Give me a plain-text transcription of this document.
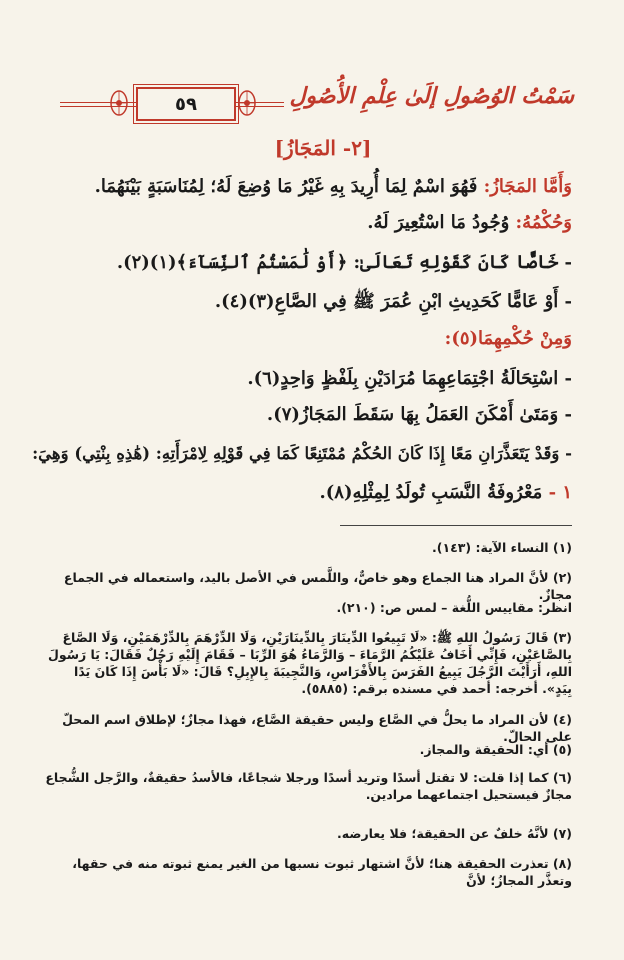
٥٩	سَمْتُ الوُصُولِ إلَىٰ عِلْمِ الأُصُولِ
[٢- المَجَازُ]
وَأَمَّا المَجَازُ: فَهُوَ اسْمٌ لِمَا أُرِيدَ بِهِ غَيْرُ مَا وُضِعَ لَهُ؛ لِمُنَاسَبَةٍ بَيْنَهُمَا.
وَحُكْمُهُ: وُجُودُ مَا اسْتُعِيرَ لَهُ.
- خَاصًّا كَانَ كَقَوْلِهِ تَعَالَىٰ: ﴿أَوْ لَٰمَسْتُمُ ٱلنِّسَآءَ﴾(١)(٢).
- أَوْ عَامًّا كَحَدِيثِ ابْنِ عُمَرَ ﷺ فِي الصَّاعِ(٣)(٤).
وَمِنْ حُكْمِهِمَا(٥):
- اسْتِحَالَةُ اجْتِمَاعِهِمَا مُرَادَيْنِ بِلَفْظٍ وَاحِدٍ(٦).
- وَمَتَىٰ أَمْكَنَ العَمَلُ بِهَا سَقَطَ المَجَازُ(٧).
- وَقَدْ يَتَعَذَّرَانِ مَعًا إِذَا كَانَ الحُكْمُ مُمْتَنِعًا كَمَا فِي قَوْلِهِ لِامْرَأَتِهِ: (هَٰذِهِ بِنْتِي) وَهِيَ:
١ - مَعْرُوفَةُ النَّسَبِ تُولَدُ لِمِثْلِهِ(٨).
(١) النساء الآية: (١٤٣).
(٢) لأنَّ المراد هنا الجماع وهو خاصٌّ، واللَّمس في الأصل باليد، واستعماله في الجماع مجازٌ.
انظر: مقاييس اللُّغة – لمس ص: (٢١٠).
(٣) قَالَ رَسُولُ اللهِ ﷺ: «لَا تَبِيعُوا الدِّينَارَ بِالدِّينَارَيْنِ، وَلَا الدِّرْهَمَ بِالدِّرْهَمَيْنِ، وَلَا الصَّاعَ بِالصَّاعَيْنِ، فَإِنِّي أَخَافُ عَلَيْكُمُ الرَّمَاءَ – وَالرَّمَاءُ هُوَ الرِّبَا – فَقَامَ إِلَيْهِ رَجُلٌ فَقَالَ: يَا رَسُولَ اللهِ، أَرَأَيْتَ الرَّجُلَ يَبِيعُ الفَرَسَ بِالأَفْرَاسِ، وَالنَّجِيبَةَ بِالإِبِلِ؟ قَالَ: «لَا بَأْسَ إِذَا كَانَ يَدًا بِيَدٍ». أخرجه: أحمد في مسنده برقم: (٥٨٨٥).
(٤) لأن المراد ما يحلُّ في الصَّاع وليس حقيقة الصَّاع، فهذا مجازٌ؛ لإطلاق اسم المحلّ على الحالّ.
(٥) أي: الحقيقة والمجاز.
(٦) كما إذا قلت: لا تقتل أسدًا وتريد أسدًا ورجلا شجاعًا، فالأسدُ حقيقةٌ، والرَّجل الشُّجاع مجازٌ فيستحيل اجتماعهما مرادين.
(٧) لأنَّهُ خلفٌ عن الحقيقة؛ فلا يعارضه.
(٨) تعذرت الحقيقة هنا؛ لأنَّ اشتهار ثبوت نسبها من الغير يمنع ثبوته منه في حقها، وتعذَّر المجازُ؛ لأنَّ
